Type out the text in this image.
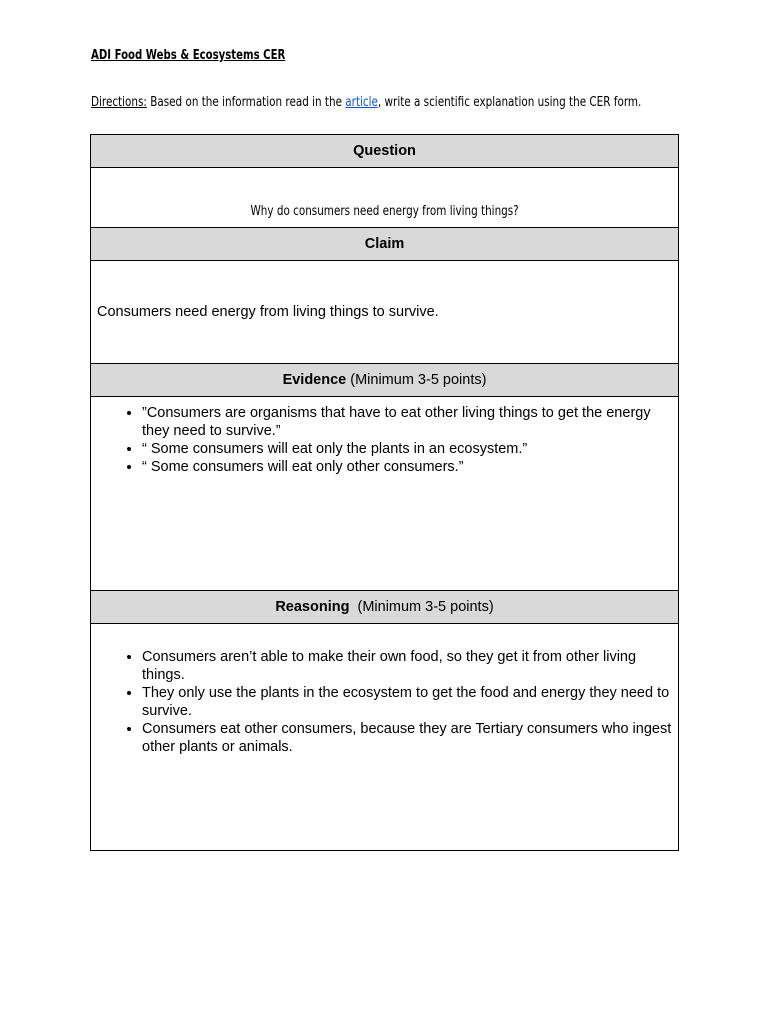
ADI Food Webs & Ecosystems CER
Directions: Based on the information read in the article, write a scientific explanation using the CER form.
Question
Why do consumers need energy from living things?
Claim
Consumers need energy from living things to survive.
Evidence (Minimum 3-5 points)

• ”Consumers are organisms that have to eat other living things to get the energy they need to survive.”
• “ Some consumers will eat only the plants in an ecosystem.”
• “ Some consumers will eat only other consumers.”

Reasoning  (Minimum 3-5 points)

• Consumers aren’t able to make their own food, so they get it from other living things.
• They only use the plants in the ecosystem to get the food and energy they need to survive.
• Consumers eat other consumers, because they are Tertiary consumers who ingest other plants or animals.
